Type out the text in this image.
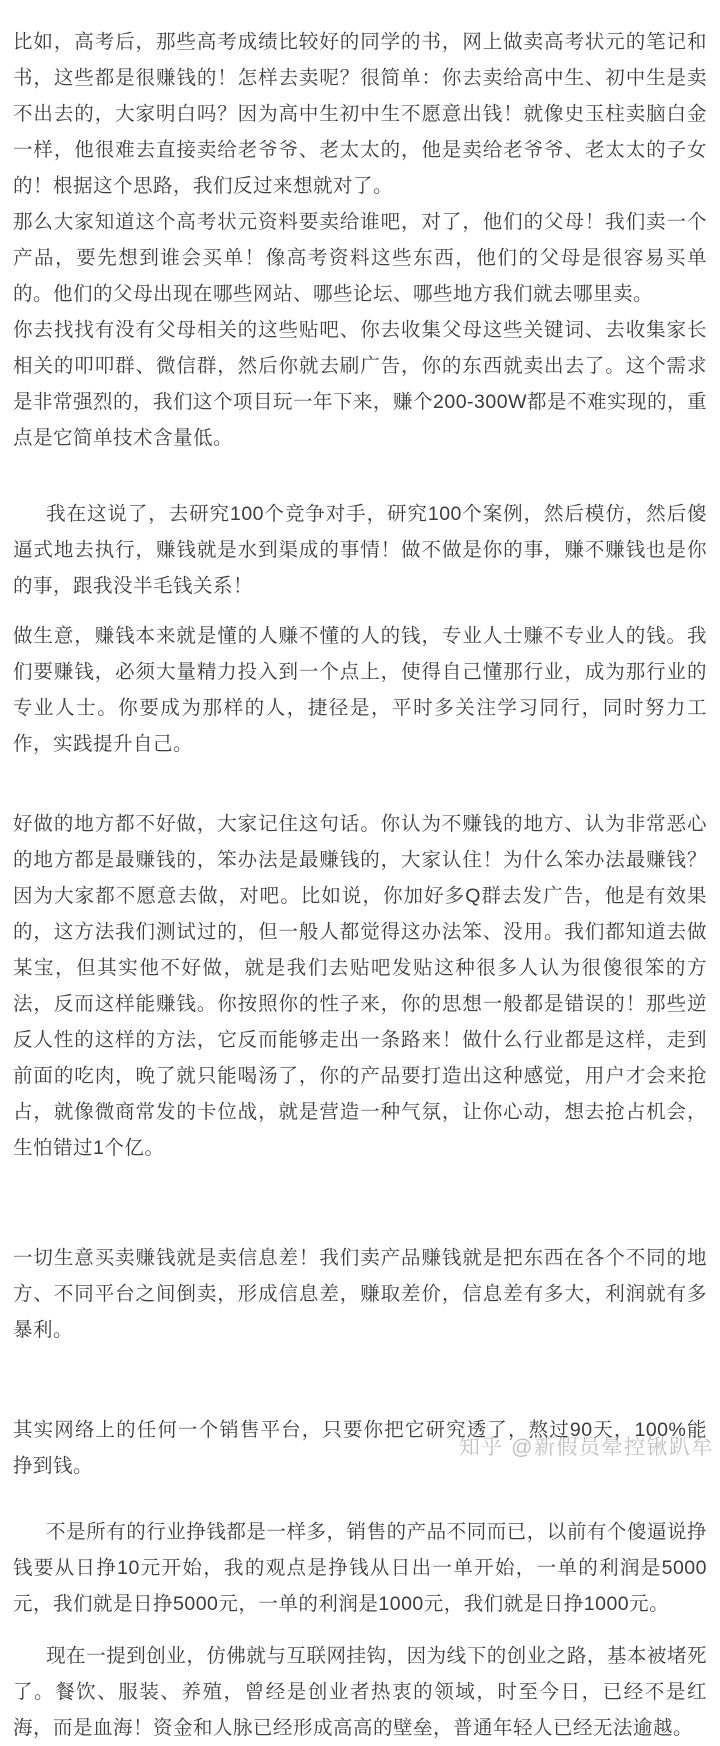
比如，高考后，那些高考成绩比较好的同学的书，网上做卖高考状元的笔记和书，这些都是很赚钱的！怎样去卖呢？很简单：你去卖给高中生、初中生是卖不出去的，大家明白吗？因为高中生初中生不愿意出钱！就像史玉柱卖脑白金一样，他很难去直接卖给老爷爷、老太太的，他是卖给老爷爷、老太太的子女的！根据这个思路，我们反过来想就对了。

那么大家知道这个高考状元资料要卖给谁吧，对了，他们的父母！我们卖一个产品，要先想到谁会买单！像高考资料这些东西，他们的父母是很容易买单的。他们的父母出现在哪些网站、哪些论坛、哪些地方我们就去哪里卖。

你去找找有没有父母相关的这些贴吧、你去收集父母这些关键词、去收集家长相关的叩叩群、微信群，然后你就去刷广告，你的东西就卖出去了。这个需求是非常强烈的，我们这个项目玩一年下来，赚个200-300W都是不难实现的，重点是它简单技术含量低。

我在这说了，去研究100个竞争对手，研究100个案例，然后模仿，然后傻逼式地去执行，赚钱就是水到渠成的事情！做不做是你的事，赚不赚钱也是你的事，跟我没半毛钱关系！

做生意，赚钱本来就是懂的人赚不懂的人的钱，专业人士赚不专业人的钱。我们要赚钱，必须大量精力投入到一个点上，使得自己懂那行业，成为那行业的专业人士。你要成为那样的人，捷径是，平时多关注学习同行，同时努力工作，实践提升自己。

好做的地方都不好做，大家记住这句话。你认为不赚钱的地方、认为非常恶心的地方都是最赚钱的，笨办法是最赚钱的，大家认住！为什么笨办法最赚钱？因为大家都不愿意去做，对吧。比如说，你加好多Q群去发广告，他是有效果的，这方法我们测试过的，但一般人都觉得这办法笨、没用。我们都知道去做某宝，但其实他不好做，就是我们去贴吧发贴这种很多人认为很傻很笨的方法，反而这样能赚钱。你按照你的性子来，你的思想一般都是错误的！那些逆反人性的这样的方法，它反而能够走出一条路来！做什么行业都是这样，走到前面的吃肉，晚了就只能喝汤了，你的产品要打造出这种感觉，用户才会来抢占，就像微商常发的卡位战，就是营造一种气氛，让你心动，想去抢占机会，生怕错过1个亿。

一切生意买卖赚钱就是卖信息差！我们卖产品赚钱就是把东西在各个不同的地方、不同平台之间倒卖，形成信息差，赚取差价，信息差有多大，利润就有多暴利。

其实网络上的任何一个销售平台，只要你把它研究透了，熬过90天，100%能挣到钱。

不是所有的行业挣钱都是一样多，销售的产品不同而已，以前有个傻逼说挣钱要从日挣10元开始，我的观点是挣钱从日出一单开始，一单的利润是5000元，我们就是日挣5000元，一单的利润是1000元，我们就是日挣1000元。

现在一提到创业，仿佛就与互联网挂钩，因为线下的创业之路，基本被堵死了。餐饮、服装、养殖，曾经是创业者热衷的领域，时至今日，已经不是红海，而是血海！资金和人脉已经形成高高的壁垒，普通年轻人已经无法逾越。

知乎 @新假员晕控锹趴牟
